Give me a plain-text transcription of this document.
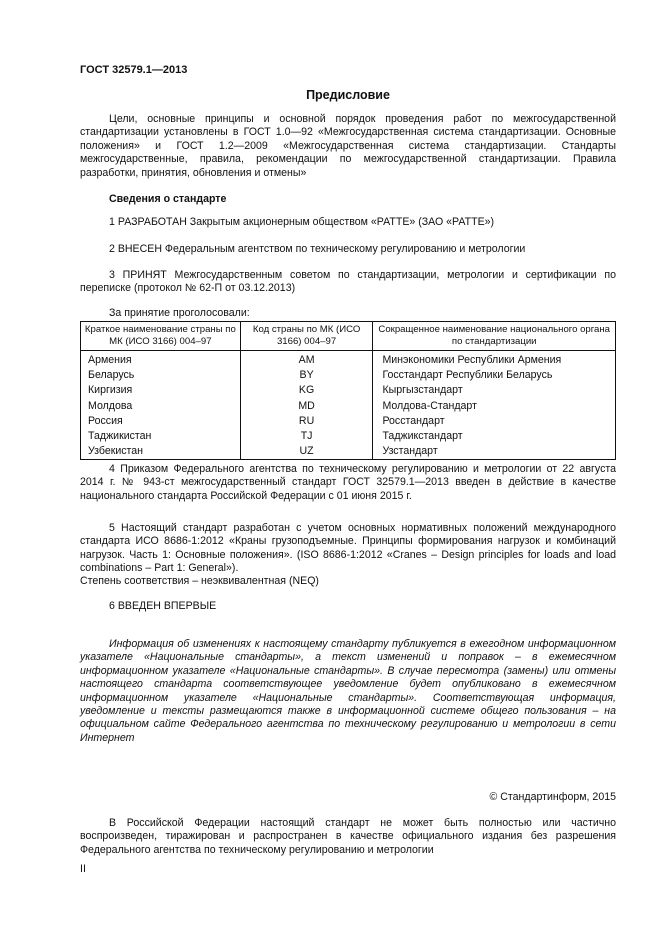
ГОСТ 32579.1—2013
Предисловие

Цели, основные принципы и основной порядок проведения работ по межгосударственной стандартизации установлены в ГОСТ 1.0—92 «Межгосударственная система стандартизации. Основные положения» и ГОСТ 1.2—2009 «Межгосударственная система стандартизации. Стандарты межгосударственные, правила, рекомендации по межгосударственной стандартизации. Правила разработки, принятия, обновления и отмены»

Сведения о стандарте

1 РАЗРАБОТАН Закрытым акционерным обществом «РАТТЕ» (ЗАО «РАТТЕ»)

2 ВНЕСЕН Федеральным агентством по техническому регулированию и метрологии

3 ПРИНЯТ Межгосударственным советом по стандартизации, метрологии и сертификации по переписке (протокол № 62-П от 03.12.2013)

За принятие проголосовали:

Краткое наименование страны по МК (ИСО 3166) 004–97	Код страны по МК (ИСО 3166) 004–97	Сокращенное наименование национального органа по стандартизации
Армения	AM	Минэкономики Республики Армения
Беларусь	BY	Госстандарт Республики Беларусь
Киргизия	KG	Кыргызстандарт
Молдова	MD	Молдова-Стандарт
Россия	RU	Росстандарт
Таджикистан	TJ	Таджикстандарт
Узбекистан	UZ	Узстандарт

4 Приказом Федерального агентства по техническому регулированию и метрологии от 22 августа 2014 г. № 943-ст межгосударственный стандарт ГОСТ 32579.1—2013 введен в действие в качестве национального стандарта Российской Федерации с 01 июня 2015 г.

5 Настоящий стандарт разработан с учетом основных нормативных положений международного стандарта ИСО 8686-1:2012 «Краны грузоподъемные. Принципы формирования нагрузок и комбинаций нагрузок. Часть 1: Основные положения». (ISO 8686-1:2012 «Cranes – Design principles for loads and load combinations – Part 1: General»).

Степень соответствия – неэквивалентная (NEQ)

6 ВВЕДЕН ВПЕРВЫЕ

Информация об изменениях к настоящему стандарту публикуется в ежегодном информационном указателе «Национальные стандарты», а текст изменений и поправок – в ежемесячном информационном указателе «Национальные стандарты». В случае пересмотра (замены) или отмены настоящего стандарта соответствующее уведомление будет опубликовано в ежемесячном информационном указателе «Национальные стандарты». Соответствующая информация, уведомление и тексты размещаются также в информационной системе общего пользования – на официальном сайте Федерального агентства по техническому регулированию и метрологии в сети Интернет

© Стандартинформ, 2015

В Российской Федерации настоящий стандарт не может быть полностью или частично воспроизведен, тиражирован и распространен в качестве официального издания без разрешения Федерального агентства по техническому регулированию и метрологии

II
